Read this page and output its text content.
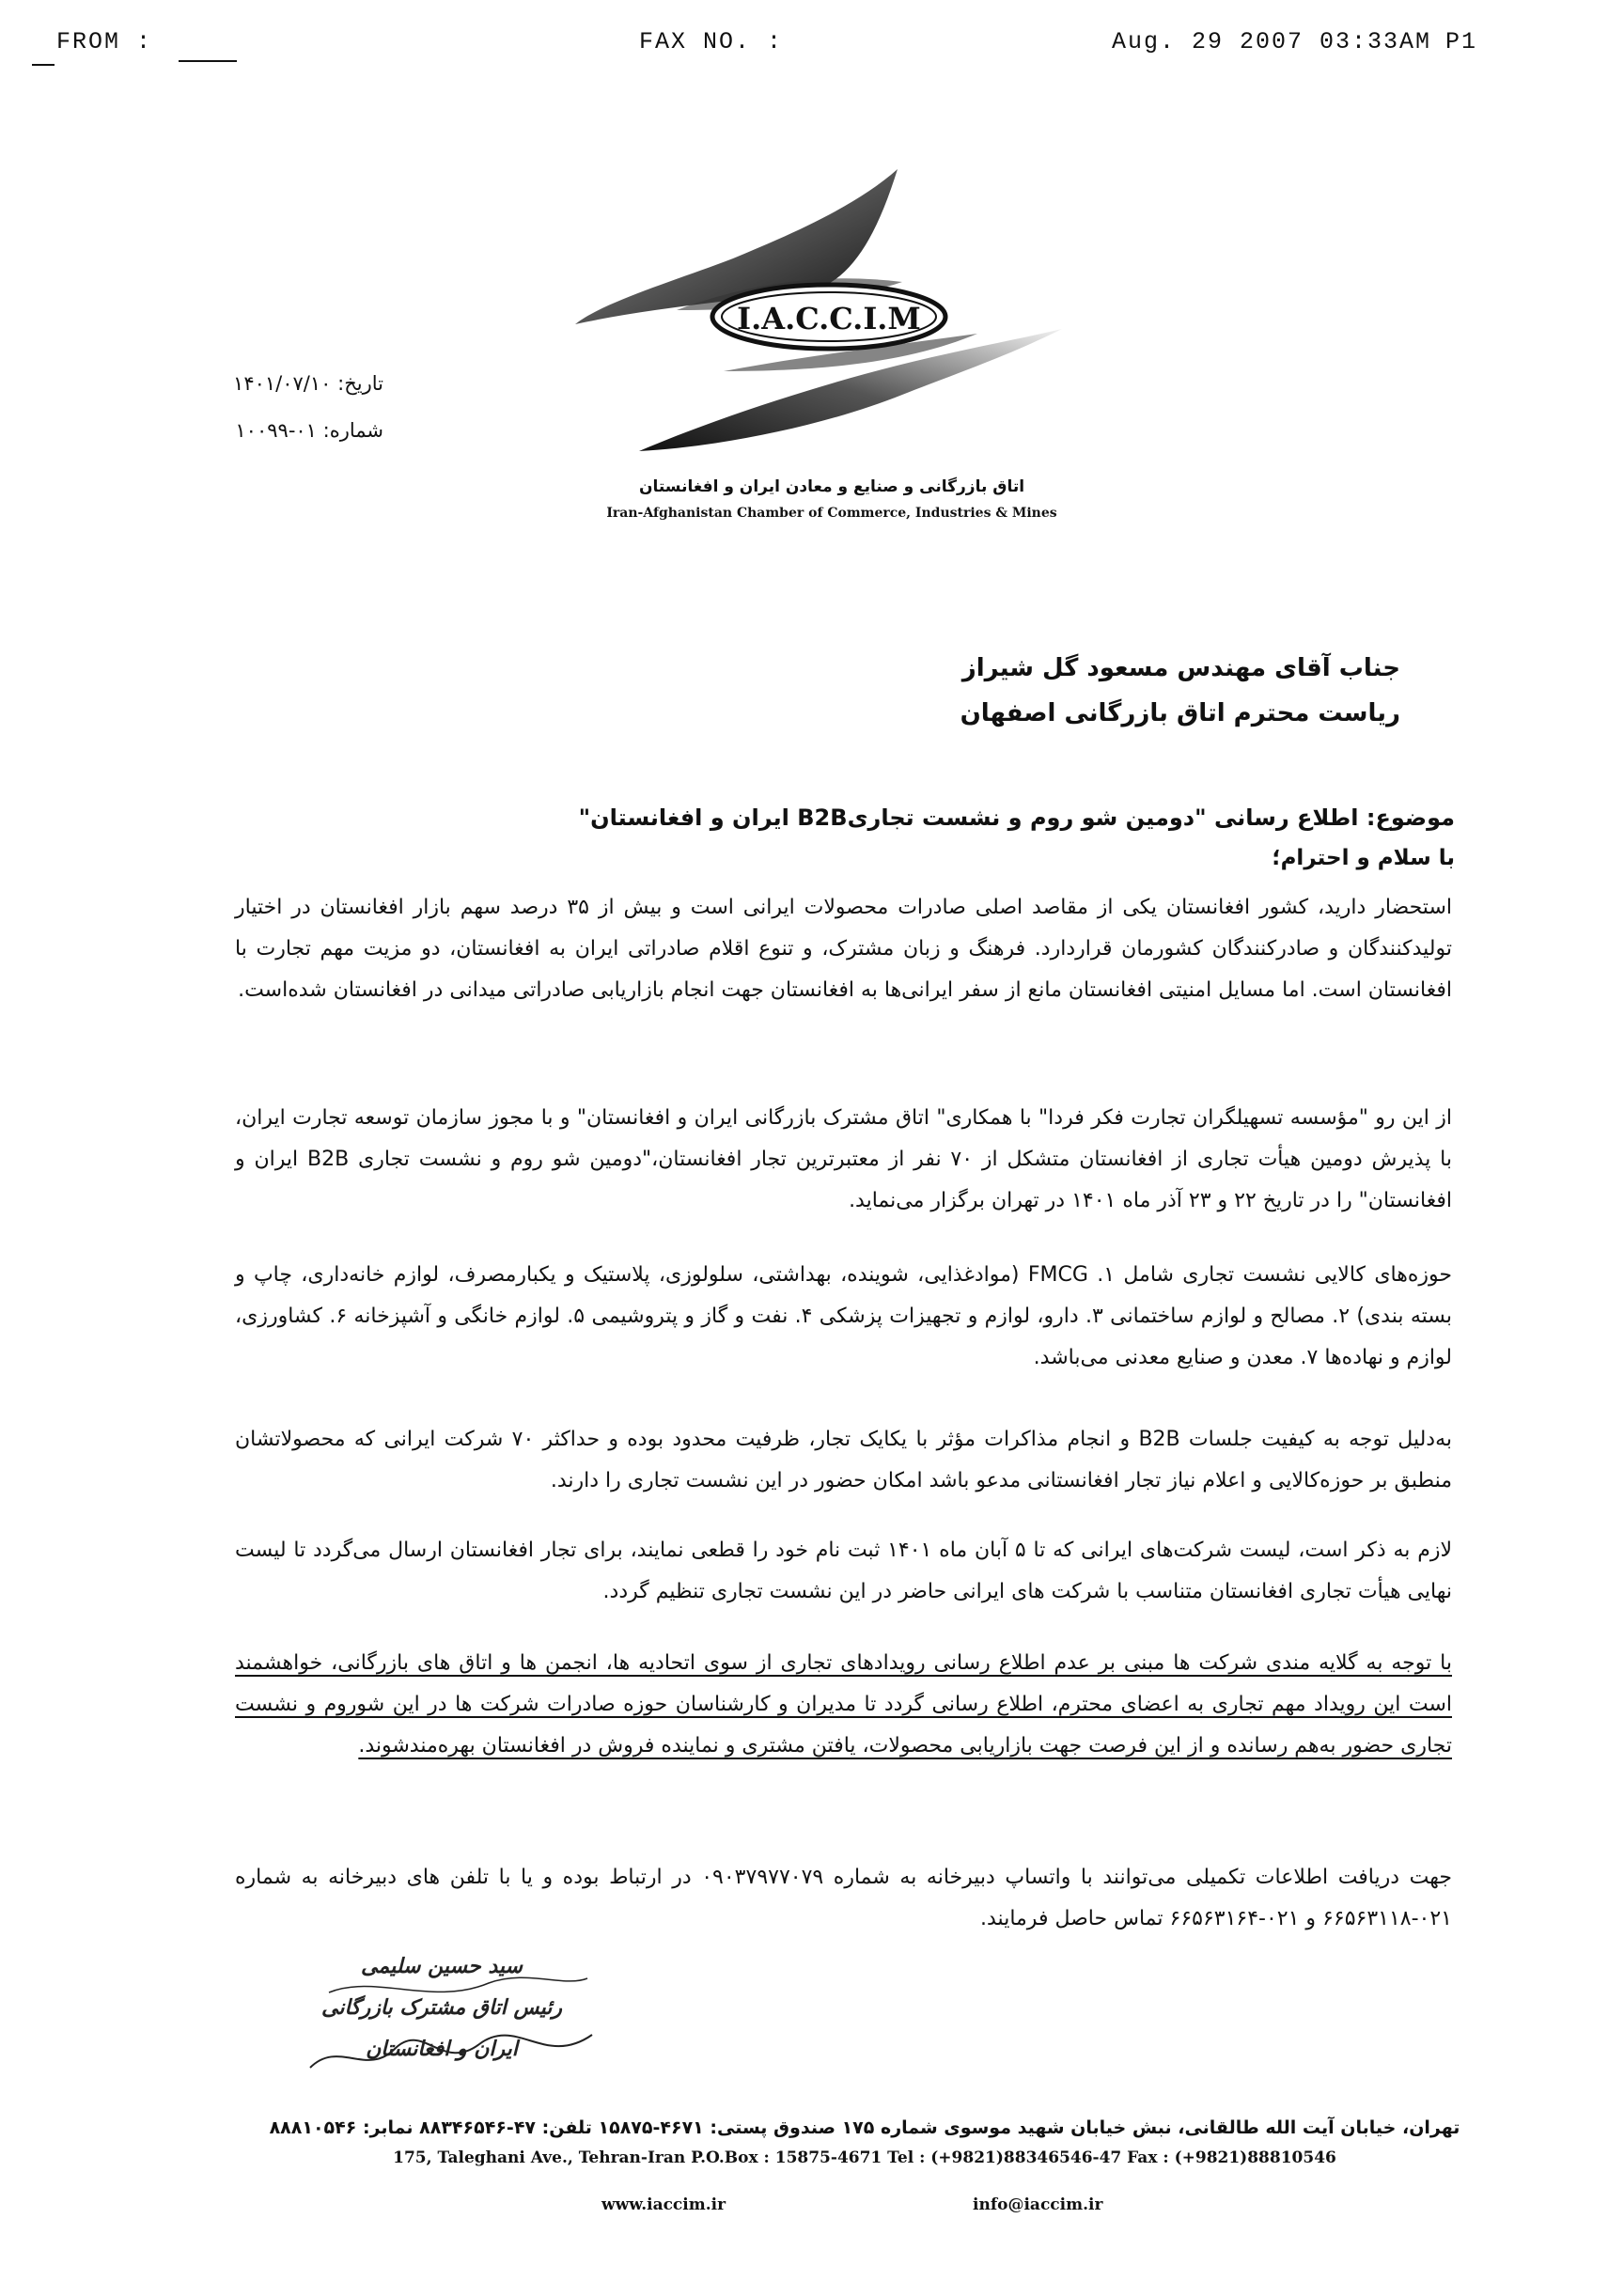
FROM :	FAX NO. :	Aug. 29 2007 03:33AM P1
I.A.C.C.I.M
اتاق بازرگانی و صنایع و معادن ایران و افغانستان
Iran-Afghanistan Chamber of Commerce, Industries & Mines
تاریخ: ۱۴۰۱/۰۷/۱۰
شماره: ۰۱-۱۰۰۹۹
جناب آقای مهندس مسعود گل شیراز
ریاست محترم اتاق بازرگانی اصفهان
موضوع: اطلاع رسانی "دومین شو روم و نشست تجاریB2B ایران و افغانستان"
با سلام و احترام؛
استحضار دارید، کشور افغانستان یکی از مقاصد اصلی صادرات محصولات ایرانی است و بیش از ۳۵ درصد سهم بازار افغانستان در اختیار تولیدکنندگان و صادرکنندگان کشورمان قراردارد. فرهنگ و زبان مشترک، و تنوع اقلام صادراتی ایران به افغانستان، دو مزیت مهم تجارت با افغانستان است. اما مسایل امنیتی افغانستان مانع از سفر ایرانی‌ها به افغانستان جهت انجام بازاریابی صادراتی میدانی در افغانستان شده‌است.
از این رو "مؤسسه تسهیلگران تجارت فکر فردا" با همکاری" اتاق مشترک بازرگانی ایران و افغانستان" و با مجوز سازمان توسعه تجارت ایران، با پذیرش دومین هیأت تجاری از افغانستان متشکل از ۷۰ نفر از معتبرترین تجار افغانستان،"دومین شو روم و نشست تجاری B2B ایران و افغانستان" را در تاریخ ۲۲ و ۲۳ آذر ماه ۱۴۰۱ در تهران برگزار می‌نماید.
حوزه‌های کالایی نشست تجاری شامل ۱. FMCG (مواد‌غذایی، شوینده، بهداشتی، سلولوزی، پلاستیک و یکبارمصرف، لوازم خانه‌داری، چاپ و بسته بندی) ۲. مصالح و لوازم ساختمانی ۳. دارو، لوازم و تجهیزات پزشکی ۴. نفت و گاز و پتروشیمی ۵. لوازم خانگی و آشپزخانه ۶. کشاورزی، لوازم و نهاده‌ها ۷. معدن و صنایع معدنی می‌باشد.
به‌دلیل توجه به کیفیت جلسات B2B و انجام مذاکرات مؤثر با یکایک تجار، ظرفیت محدود بوده و حداکثر ۷۰ شرکت ایرانی که محصولاتشان منطبق بر حوزه‌کالایی و اعلام نیاز تجار افغانستانی مدعو باشد امکان حضور در این نشست تجاری را دارند.
لازم به ذکر است، لیست شرکت‌های ایرانی که تا ۵ آبان ماه ۱۴۰۱ ثبت نام خود را قطعی نمایند، برای تجار افغانستان ارسال می‌گردد تا لیست نهایی هیأت تجاری افغانستان متناسب با شرکت های ایرانی حاضر در این نشست تجاری تنظیم گردد.
با توجه به گلایه مندی شرکت ها مبنی بر عدم اطلاع رسانی رویدادهای تجاری از سوی اتحادیه ها، انجمن ها و اتاق های بازرگانی، خواهشمند است این رویداد مهم تجاری به اعضای محترم، اطلاع رسانی گردد تا مدیران و کارشناسان حوزه صادرات شرکت ها در این شوروم و نشست تجاری حضور به‌هم رسانده و از این فرصت جهت بازاریابی محصولات، یافتن مشتری و نماینده فروش در افغانستان بهره‌مندشوند.
جهت دریافت اطلاعات تکمیلی می‌توانند با واتساپ دبیرخانه به شماره ۰۹۰۳۷۹۷۷۰۷۹ در ارتباط بوده و یا با تلفن های دبیرخانه به شماره ۰۲۱-۶۶۵۶۳۱۱۸ و ۰۲۱-۶۶۵۶۳۱۶۴ تماس حاصل فرمایند.
سید حسین سلیمی
رئیس اتاق مشترک بازرگانی
ایران و افغانستان
تهران، خیابان آیت الله طالقانی، نبش خیابان شهید موسوی شماره ۱۷۵ صندوق پستی: ۴۶۷۱-۱۵۸۷۵ تلفن: ۴۷-۸۸۳۴۶۵۴۶ نمابر: ۸۸۸۱۰۵۴۶
175, Taleghani Ave., Tehran-Iran P.O.Box : 15875-4671 Tel : (+9821)88346546-47 Fax : (+9821)88810546
www.iaccim.ir	info@iaccim.ir
